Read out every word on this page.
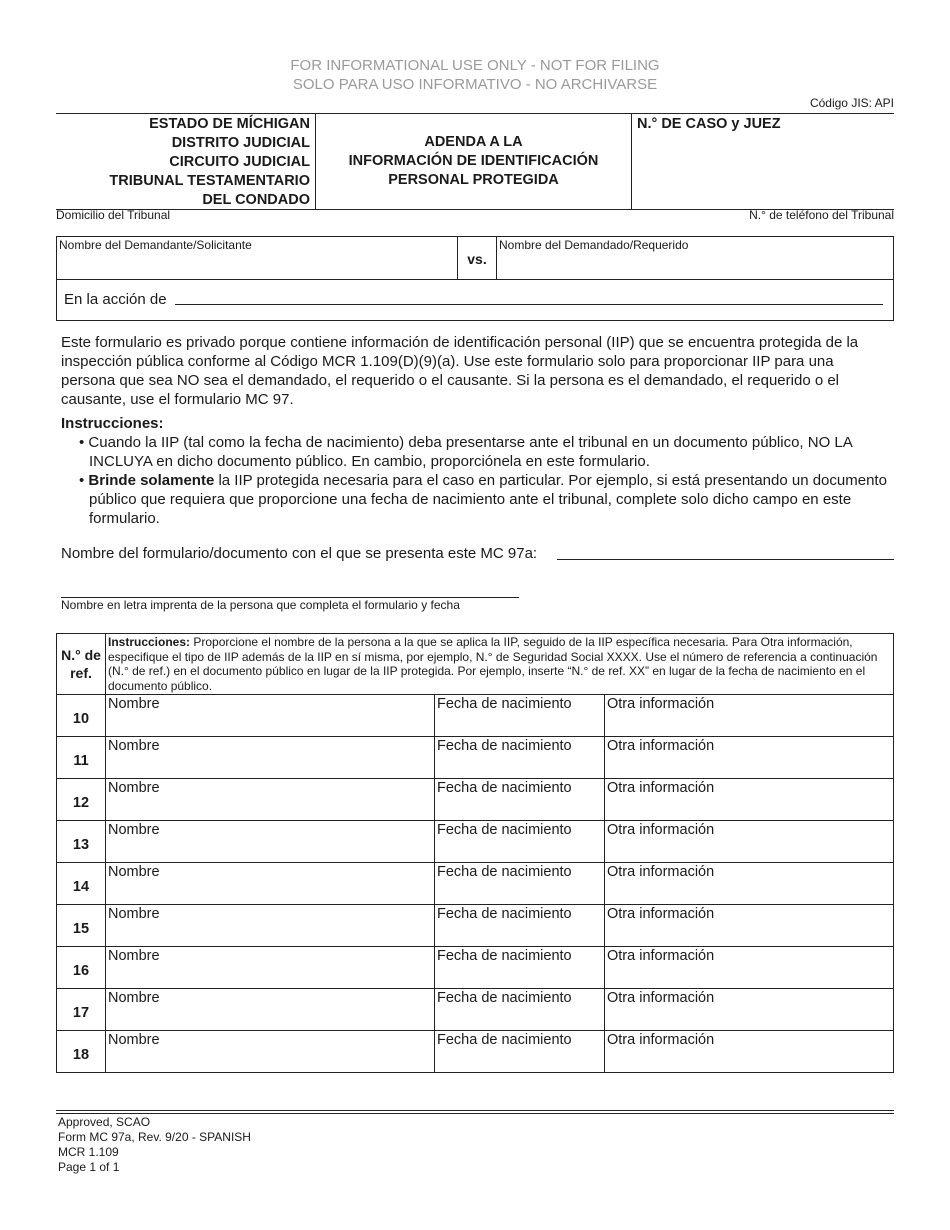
FOR INFORMATIONAL USE ONLY - NOT FOR FILING
SOLO PARA USO INFORMATIVO - NO ARCHIVARSE
Código JIS: API
ESTADO DE MÍCHIGAN
DISTRITO JUDICIAL
CIRCUITO JUDICIAL
TRIBUNAL TESTAMENTARIO
DEL CONDADO
ADENDA A LA
INFORMACIÓN DE IDENTIFICACIÓN
PERSONAL PROTEGIDA
N.° DE CASO y JUEZ
Domicilio del Tribunal	N.° de teléfono del Tribunal
Nombre del Demandante/Solicitante
vs.
Nombre del Demandado/Requerido
En la acción de
Este formulario es privado porque contiene información de identificación personal (IIP) que se encuentra protegida de la inspección pública conforme al Código MCR 1.109(D)(9)(a). Use este formulario solo para proporcionar IIP para una persona que sea NO sea el demandado, el requerido o el causante. Si la persona es el demandado, el requerido o el causante, use el formulario MC 97.
Instrucciones:
• Cuando la IIP (tal como la fecha de nacimiento) deba presentarse ante el tribunal en un documento público, NO LA INCLUYA en dicho documento público. En cambio, proporciónela en este formulario.
• Brinde solamente la IIP protegida necesaria para el caso en particular. Por ejemplo, si está presentando un documento público que requiera que proporcione una fecha de nacimiento ante el tribunal, complete solo dicho campo en este formulario.
Nombre del formulario/documento con el que se presenta este MC 97a:
Nombre en letra imprenta de la persona que completa el formulario y fecha
N.° de ref.	Instrucciones: Proporcione el nombre de la persona a la que se aplica la IIP, seguido de la IIP específica necesaria. Para Otra información, especifique el tipo de IIP además de la IIP en sí misma, por ejemplo, N.° de Seguridad Social XXXX. Use el número de referencia a continuación (N.° de ref.) en el documento público en lugar de la IIP protegida. Por ejemplo, inserte “N.° de ref. XX” en lugar de la fecha de nacimiento en el documento público.		
10	Nombre	Fecha de nacimiento	Otra información
11	Nombre	Fecha de nacimiento	Otra información
12	Nombre	Fecha de nacimiento	Otra información
13	Nombre	Fecha de nacimiento	Otra información
14	Nombre	Fecha de nacimiento	Otra información
15	Nombre	Fecha de nacimiento	Otra información
16	Nombre	Fecha de nacimiento	Otra información
17	Nombre	Fecha de nacimiento	Otra información
18	Nombre	Fecha de nacimiento	Otra información
Approved, SCAO
Form MC 97a, Rev. 9/20 - SPANISH
MCR 1.109
Page 1 of 1
